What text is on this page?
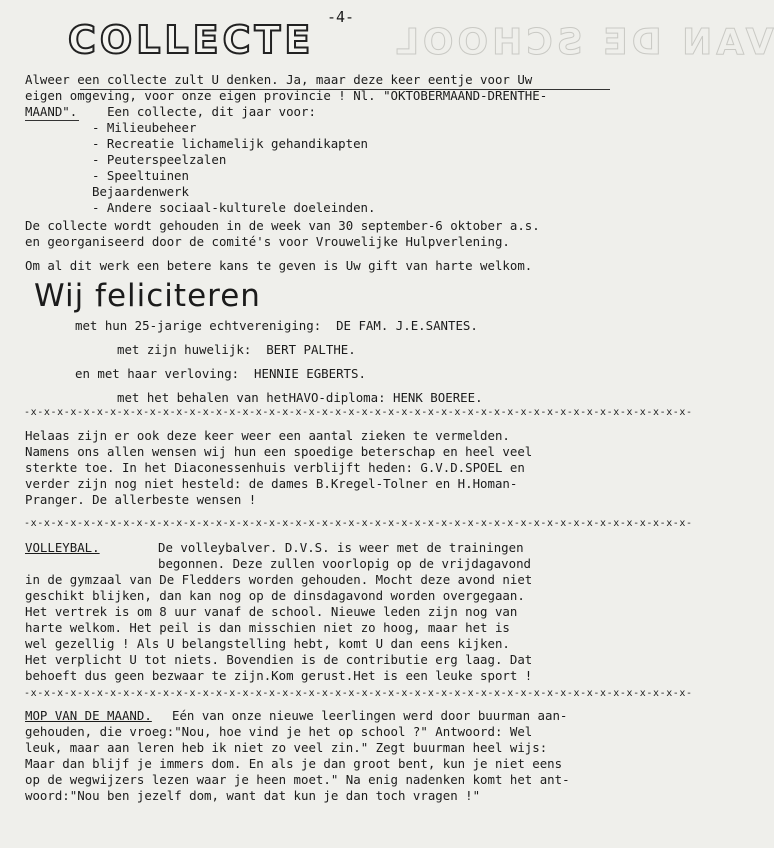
-4-
VAN DE SCHOOL
COLLECTE
Alweer een collecte zult U denken. Ja, maar deze keer eentje voor Uw
eigen omgeving, voor onze eigen provincie ! Nl. "OKTOBERMAAND-DRENTHE-
MAAND". Een collecte, dit jaar voor:
- Milieubeheer
- Recreatie lichamelijk gehandikapten
- Peuterspeelzalen
- Speeltuinen
Bejaardenwerk
- Andere sociaal-kulturele doeleinden.
De collecte wordt gehouden in de week van 30 september-6 oktober a.s.
en georganiseerd door de comité's voor Vrouwelijke Hulpverlening.
Om al dit werk een betere kans te geven is Uw gift van harte welkom.
Wij feliciteren
met hun 25-jarige echtvereniging:  DE FAM. J.E.SANTES.
met zijn huwelijk:  BERT PALTHE.
en met haar verloving:  HENNIE EGBERTS.
met het behalen van hetHAVO-diploma: HENK BOEREE.
-x-x-x-x-x-x-x-x-x-x-x-x-x-x-x-x-x-x-x-x-x-x-x-x-x-x-x-x-x-x-x-x-x-x-x-x-x-x-x-x-x-x-x-x-x-x-x-x-x-x-
Helaas zijn er ook deze keer weer een aantal zieken te vermelden.
Namens ons allen wensen wij hun een spoedige beterschap en heel veel
sterkte toe. In het Diaconessenhuis verblijft heden: G.V.D.SPOEL en
verder zijn nog niet hesteld: de dames B.Kregel-Tolner en H.Homan-
Pranger. De allerbeste wensen !
-x-x-x-x-x-x-x-x-x-x-x-x-x-x-x-x-x-x-x-x-x-x-x-x-x-x-x-x-x-x-x-x-x-x-x-x-x-x-x-x-x-x-x-x-x-x-x-x-x-x-
VOLLEYBAL.	De volleybalver. D.V.S. is weer met de trainingen
begonnen. Deze zullen voorlopig op de vrijdagavond
in de gymzaal van De Fledders worden gehouden. Mocht deze avond niet
geschikt blijken, dan kan nog op de dinsdagavond worden overgegaan.
Het vertrek is om 8 uur vanaf de school. Nieuwe leden zijn nog van
harte welkom. Het peil is dan misschien niet zo hoog, maar het is
wel gezellig ! Als U belangstelling hebt, komt U dan eens kijken.
Het verplicht U tot niets. Bovendien is de contributie erg laag. Dat
behoeft dus geen bezwaar te zijn.Kom gerust.Het is een leuke sport !
-x-x-x-x-x-x-x-x-x-x-x-x-x-x-x-x-x-x-x-x-x-x-x-x-x-x-x-x-x-x-x-x-x-x-x-x-x-x-x-x-x-x-x-x-x-x-x-x-x-x-
MOP VAN DE MAAND. Eén van onze nieuwe leerlingen werd door buurman aan-
gehouden, die vroeg:"Nou, hoe vind je het op school ?" Antwoord: Wel
leuk, maar aan leren heb ik niet zo veel zin." Zegt buurman heel wijs:
Maar dan blijf je immers dom. En als je dan groot bent, kun je niet eens
op de wegwijzers lezen waar je heen moet." Na enig nadenken komt het ant-
woord:"Nou ben jezelf dom, want dat kun je dan toch vragen !"
